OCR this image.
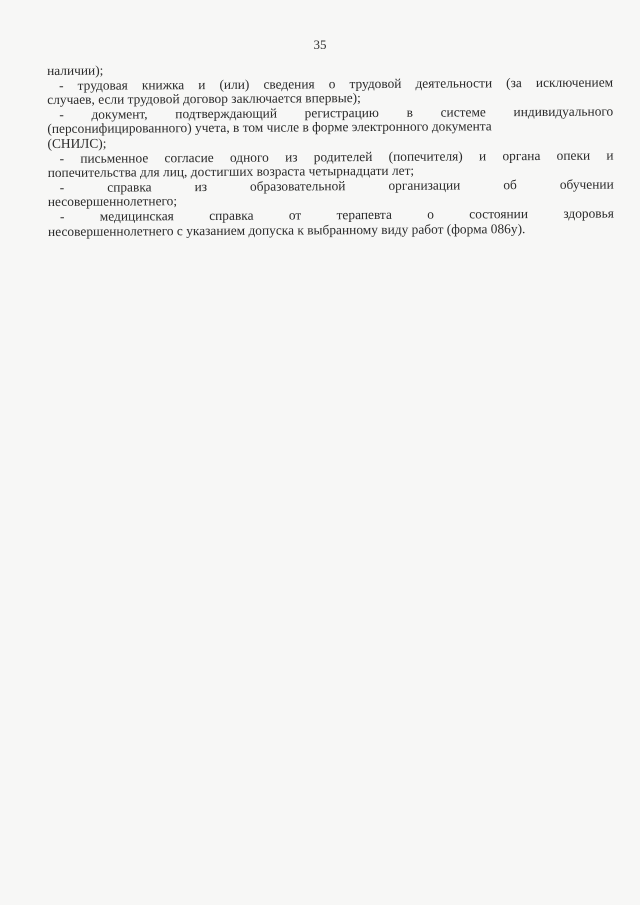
35
наличии);
- трудовая книжка и (или) сведения о трудовой деятельности (за исключением
случаев, если трудовой договор заключается впервые);
- документ, подтверждающий регистрацию в системе индивидуального
(персонифицированного) учета, в том числе в форме электронного документа
(СНИЛС);
- письменное согласие одного из родителей (попечителя) и органа опеки и
попечительства для лиц, достигших возраста четырнадцати лет;
-	справка	из	образовательной	организации	об	обучении
несовершеннолетнего;
-	медицинская	справка	от	терапевта	о	состоянии	здоровья
несовершеннолетнего с указанием допуска к выбранному виду работ (форма 086у).
